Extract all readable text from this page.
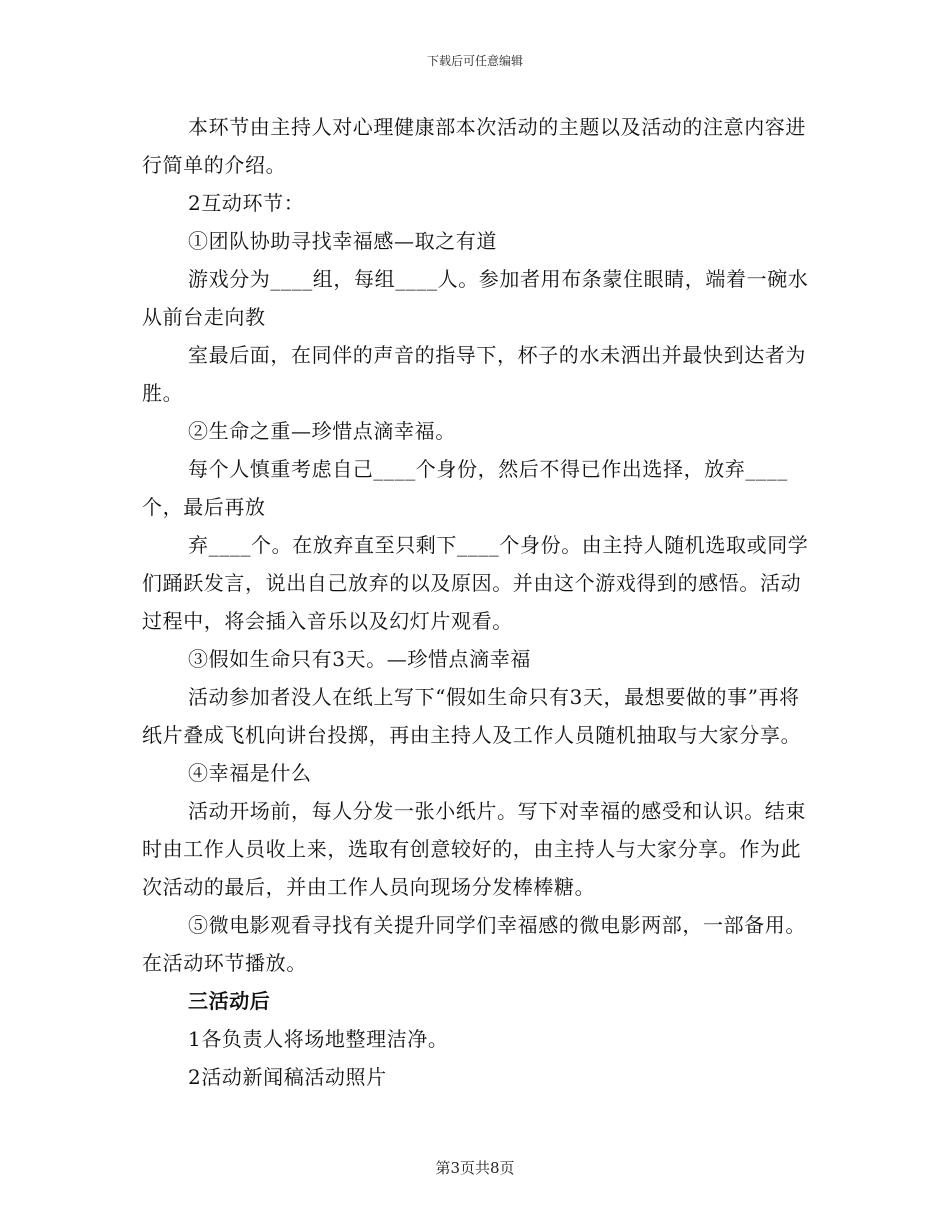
下载后可任意编辑

本环节由主持人对心理健康部本次活动的主题以及活动的注意内容进行简单的介绍。

2互动环节：

①团队协助寻找幸福感—取之有道

游戏分为____组，每组____人。参加者用布条蒙住眼睛，端着一碗水从前台走向教

室最后面，在同伴的声音的指导下，杯子的水未洒出并最快到达者为胜。

②生命之重—珍惜点滴幸福。

每个人慎重考虑自己____个身份，然后不得已作出选择，放弃____个，最后再放

弃____个。在放弃直至只剩下____个身份。由主持人随机选取或同学们踊跃发言，说出自己放弃的以及原因。并由这个游戏得到的感悟。活动过程中，将会插入音乐以及幻灯片观看。

③假如生命只有3天。—珍惜点滴幸福

活动参加者没人在纸上写下“假如生命只有3天，最想要做的事”再将纸片叠成飞机向讲台投掷，再由主持人及工作人员随机抽取与大家分享。

④幸福是什么

活动开场前，每人分发一张小纸片。写下对幸福的感受和认识。结束时由工作人员收上来，选取有创意较好的，由主持人与大家分享。作为此次活动的最后，并由工作人员向现场分发棒棒糖。

⑤微电影观看寻找有关提升同学们幸福感的微电影两部，一部备用。在活动环节播放。

三活动后

1各负责人将场地整理洁净。

2活动新闻稿活动照片

第3页共8页
